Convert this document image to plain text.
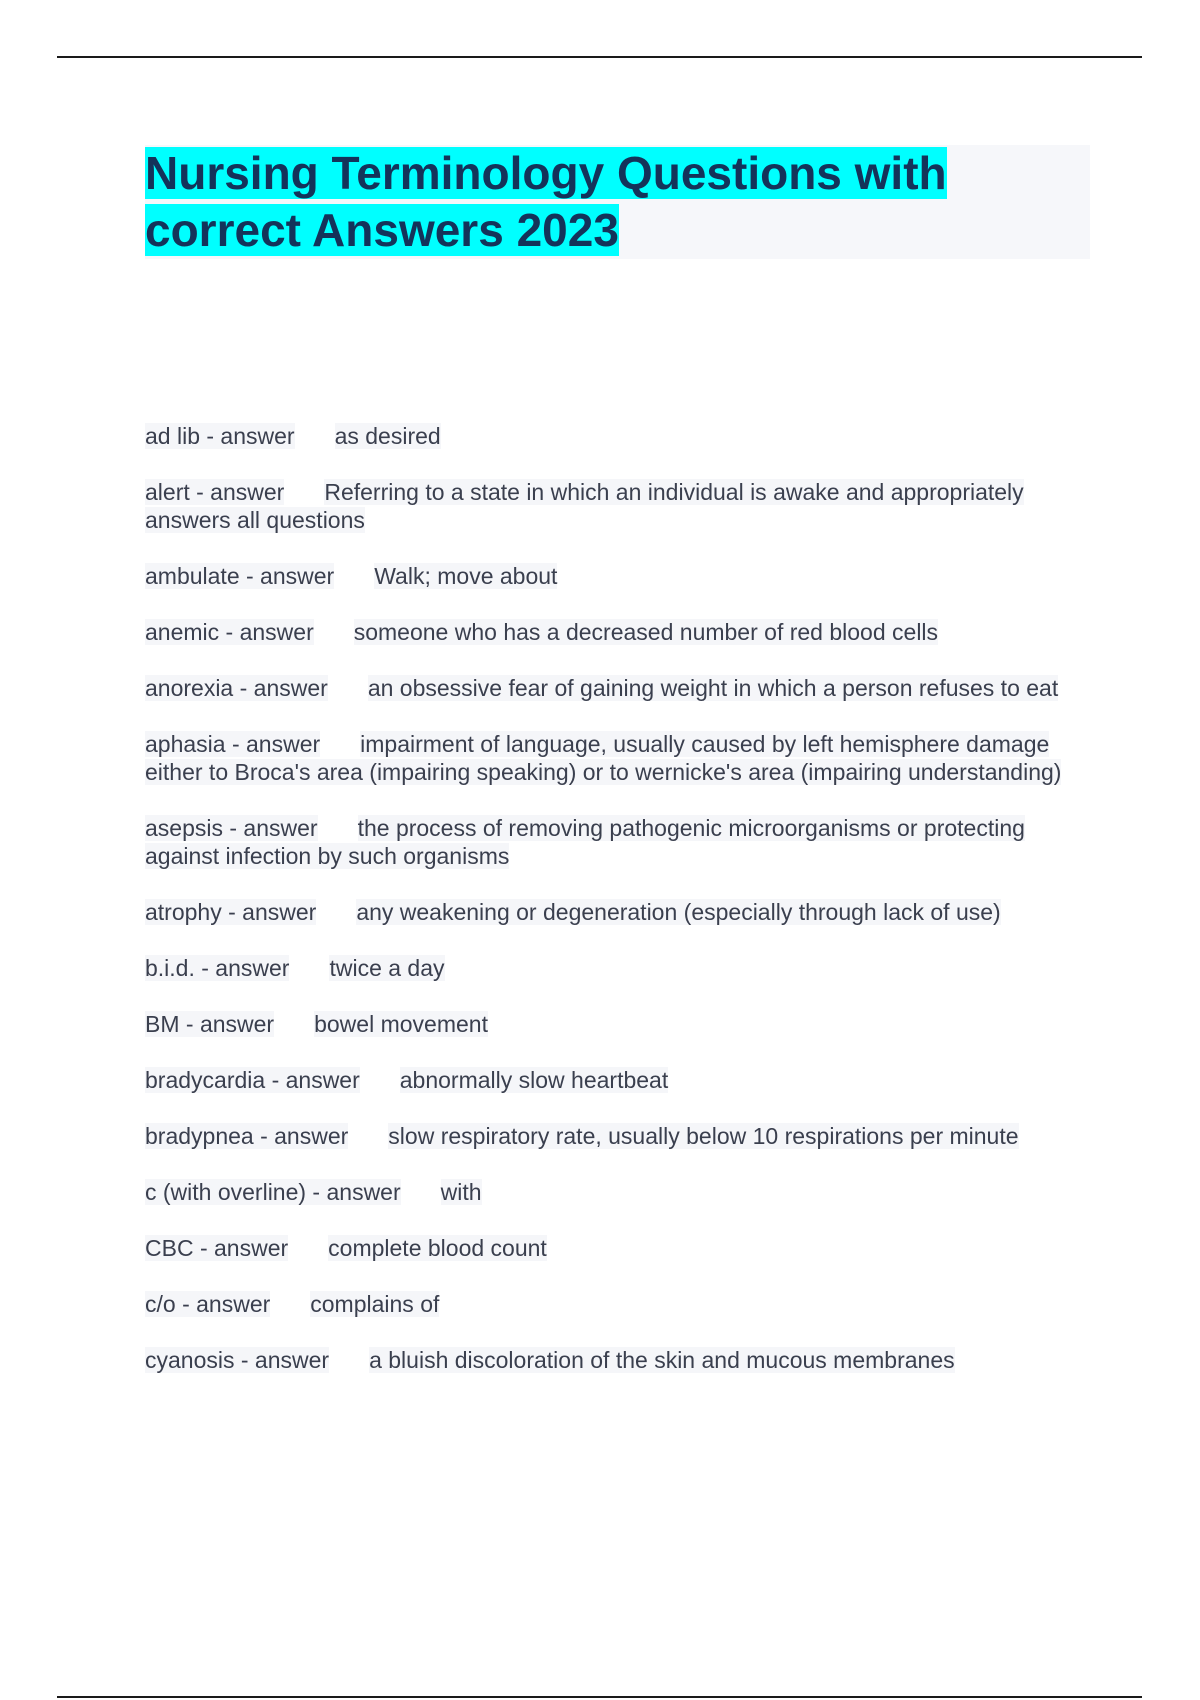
Nursing Terminology Questions with correct Answers 2023

ad lib - answer as desired

alert - answer Referring to a state in which an individual is awake and appropriately answers all questions

ambulate - answer Walk; move about

anemic - answer someone who has a decreased number of red blood cells

anorexia - answer an obsessive fear of gaining weight in which a person refuses to eat

aphasia - answer impairment of language, usually caused by left hemisphere damage either to Broca's area (impairing speaking) or to wernicke's area (impairing understanding)

asepsis - answer the process of removing pathogenic microorganisms or protecting against infection by such organisms

atrophy - answer any weakening or degeneration (especially through lack of use)

b.i.d. - answer twice a day

BM - answer bowel movement

bradycardia - answer abnormally slow heartbeat

bradypnea - answer slow respiratory rate, usually below 10 respirations per minute

c (with overline) - answer with

CBC - answer complete blood count

c/o - answer complains of

cyanosis - answer a bluish discoloration of the skin and mucous membranes
